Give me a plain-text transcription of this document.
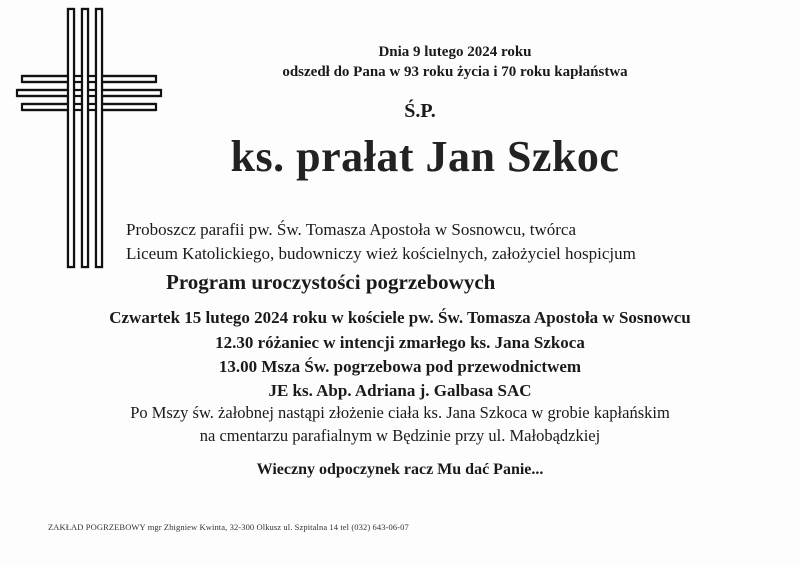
Dnia 9 lutego 2024 roku

odszedł do Pana w 93 roku życia i 70 roku kapłaństwa

Ś.P.

ks. prałat Jan Szkoc

Proboszcz parafii pw. Św. Tomasza Apostoła w Sosnowcu, twórca

Liceum Katolickiego, budowniczy wież kościelnych, założyciel hospicjum

Program uroczystości pogrzebowych

Czwartek 15 lutego 2024 roku w kościele pw. Św. Tomasza Apostoła w Sosnowcu

12.30 różaniec w intencji zmarłego ks. Jana Szkoca

13.00 Msza Św. pogrzebowa pod przewodnictwem

JE ks. Abp. Adriana j. Galbasa SAC

Po Mszy św. żałobnej nastąpi złożenie ciała ks. Jana Szkoca w grobie kapłańskim

na cmentarzu parafialnym w Będzinie przy ul. Małobądzkiej

Wieczny odpoczynek racz Mu dać Panie...

ZAKŁAD POGRZEBOWY mgr Zbigniew Kwinta, 32-300 Olkusz ul. Szpitalna 14 tel (032) 643-06-07
